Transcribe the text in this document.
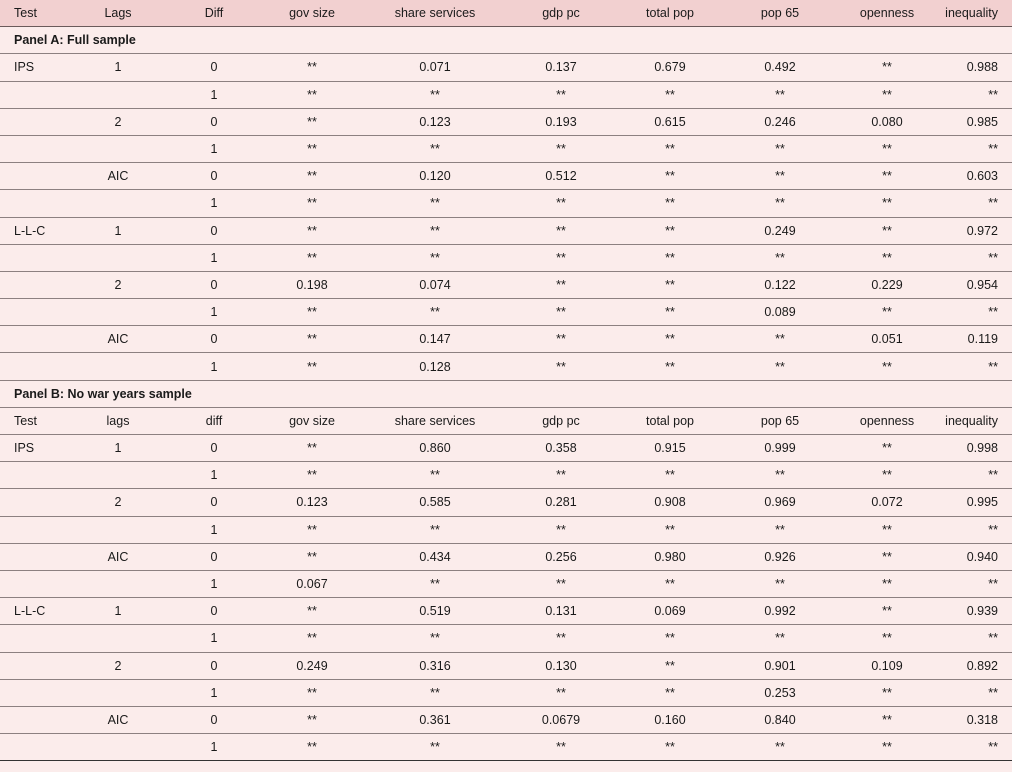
Test	Lags	Diff	gov size	share services	gdp pc	total pop	pop 65	openness	inequality
Panel A: Full sample									
IPS	1	0	**	0.071	0.137	0.679	0.492	**	0.988
		1	**	**	**	**	**	**	**
	2	0	**	0.123	0.193	0.615	0.246	0.080	0.985
		1	**	**	**	**	**	**	**
	AIC	0	**	0.120	0.512	**	**	**	0.603
		1	**	**	**	**	**	**	**
L-L-C	1	0	**	**	**	**	0.249	**	0.972
		1	**	**	**	**	**	**	**
	2	0	0.198	0.074	**	**	0.122	0.229	0.954
		1	**	**	**	**	0.089	**	**
	AIC	0	**	0.147	**	**	**	0.051	0.119
		1	**	0.128	**	**	**	**	**
Panel B: No war years sample									
Test	lags	diff	gov size	share services	gdp pc	total pop	pop 65	openness	inequality
IPS	1	0	**	0.860	0.358	0.915	0.999	**	0.998
		1	**	**	**	**	**	**	**
	2	0	0.123	0.585	0.281	0.908	0.969	0.072	0.995
		1	**	**	**	**	**	**	**
	AIC	0	**	0.434	0.256	0.980	0.926	**	0.940
		1	0.067	**	**	**	**	**	**
L-L-C	1	0	**	0.519	0.131	0.069	0.992	**	0.939
		1	**	**	**	**	**	**	**
	2	0	0.249	0.316	0.130	**	0.901	0.109	0.892
		1	**	**	**	**	0.253	**	**
	AIC	0	**	0.361	0.0679	0.160	0.840	**	0.318
		1	**	**	**	**	**	**	**
